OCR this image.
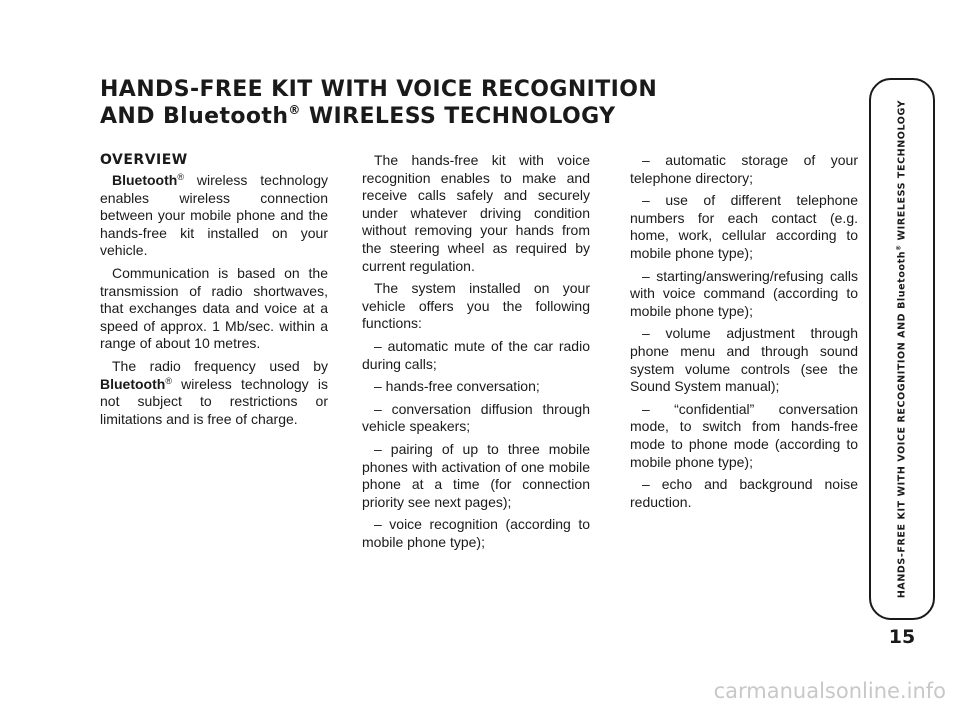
HANDS-FREE KIT WITH VOICE RECOGNITION
AND Bluetooth® WIRELESS TECHNOLOGY
OVERVIEW

Bluetooth® wireless technology enables wireless connection between your mobile phone and the hands-free kit installed on your vehicle.

Communication is based on the transmission of radio shortwaves, that exchanges data and voice at a speed of approx. 1 Mb/sec. within a range of about 10 metres.

The radio frequency used by Bluetooth® wireless technology is not subject to restrictions or limitations and is free of charge.

The hands-free kit with voice recognition enables to make and receive calls safely and securely under whatever driving condition without removing your hands from the steering wheel as required by current regulation.

The system installed on your vehicle offers you the following functions:

– automatic mute of the car radio during calls;

– hands-free conversation;

– conversation diffusion through vehicle speakers;

– pairing of up to three mobile phones with activation of one mobile phone at a time (for connection priority see next pages);

– voice recognition (according to mobile phone type);

– automatic storage of your telephone directory;

– use of different telephone numbers for each contact (e.g. home, work, cellular according to mobile phone type);

– starting/answering/refusing calls with voice command (according to mobile phone type);

– volume adjustment through phone menu and through sound system volume controls (see the Sound System manual);

– “confidential” conversation mode, to switch from hands-free mode to phone mode (according to mobile phone type);

– echo and background noise reduction.	HANDS-FREE KIT WITH VOICE RECOGNITION AND Bluetooth® WIRELESS TECHNOLOGY
15
carmanualsonline.info
